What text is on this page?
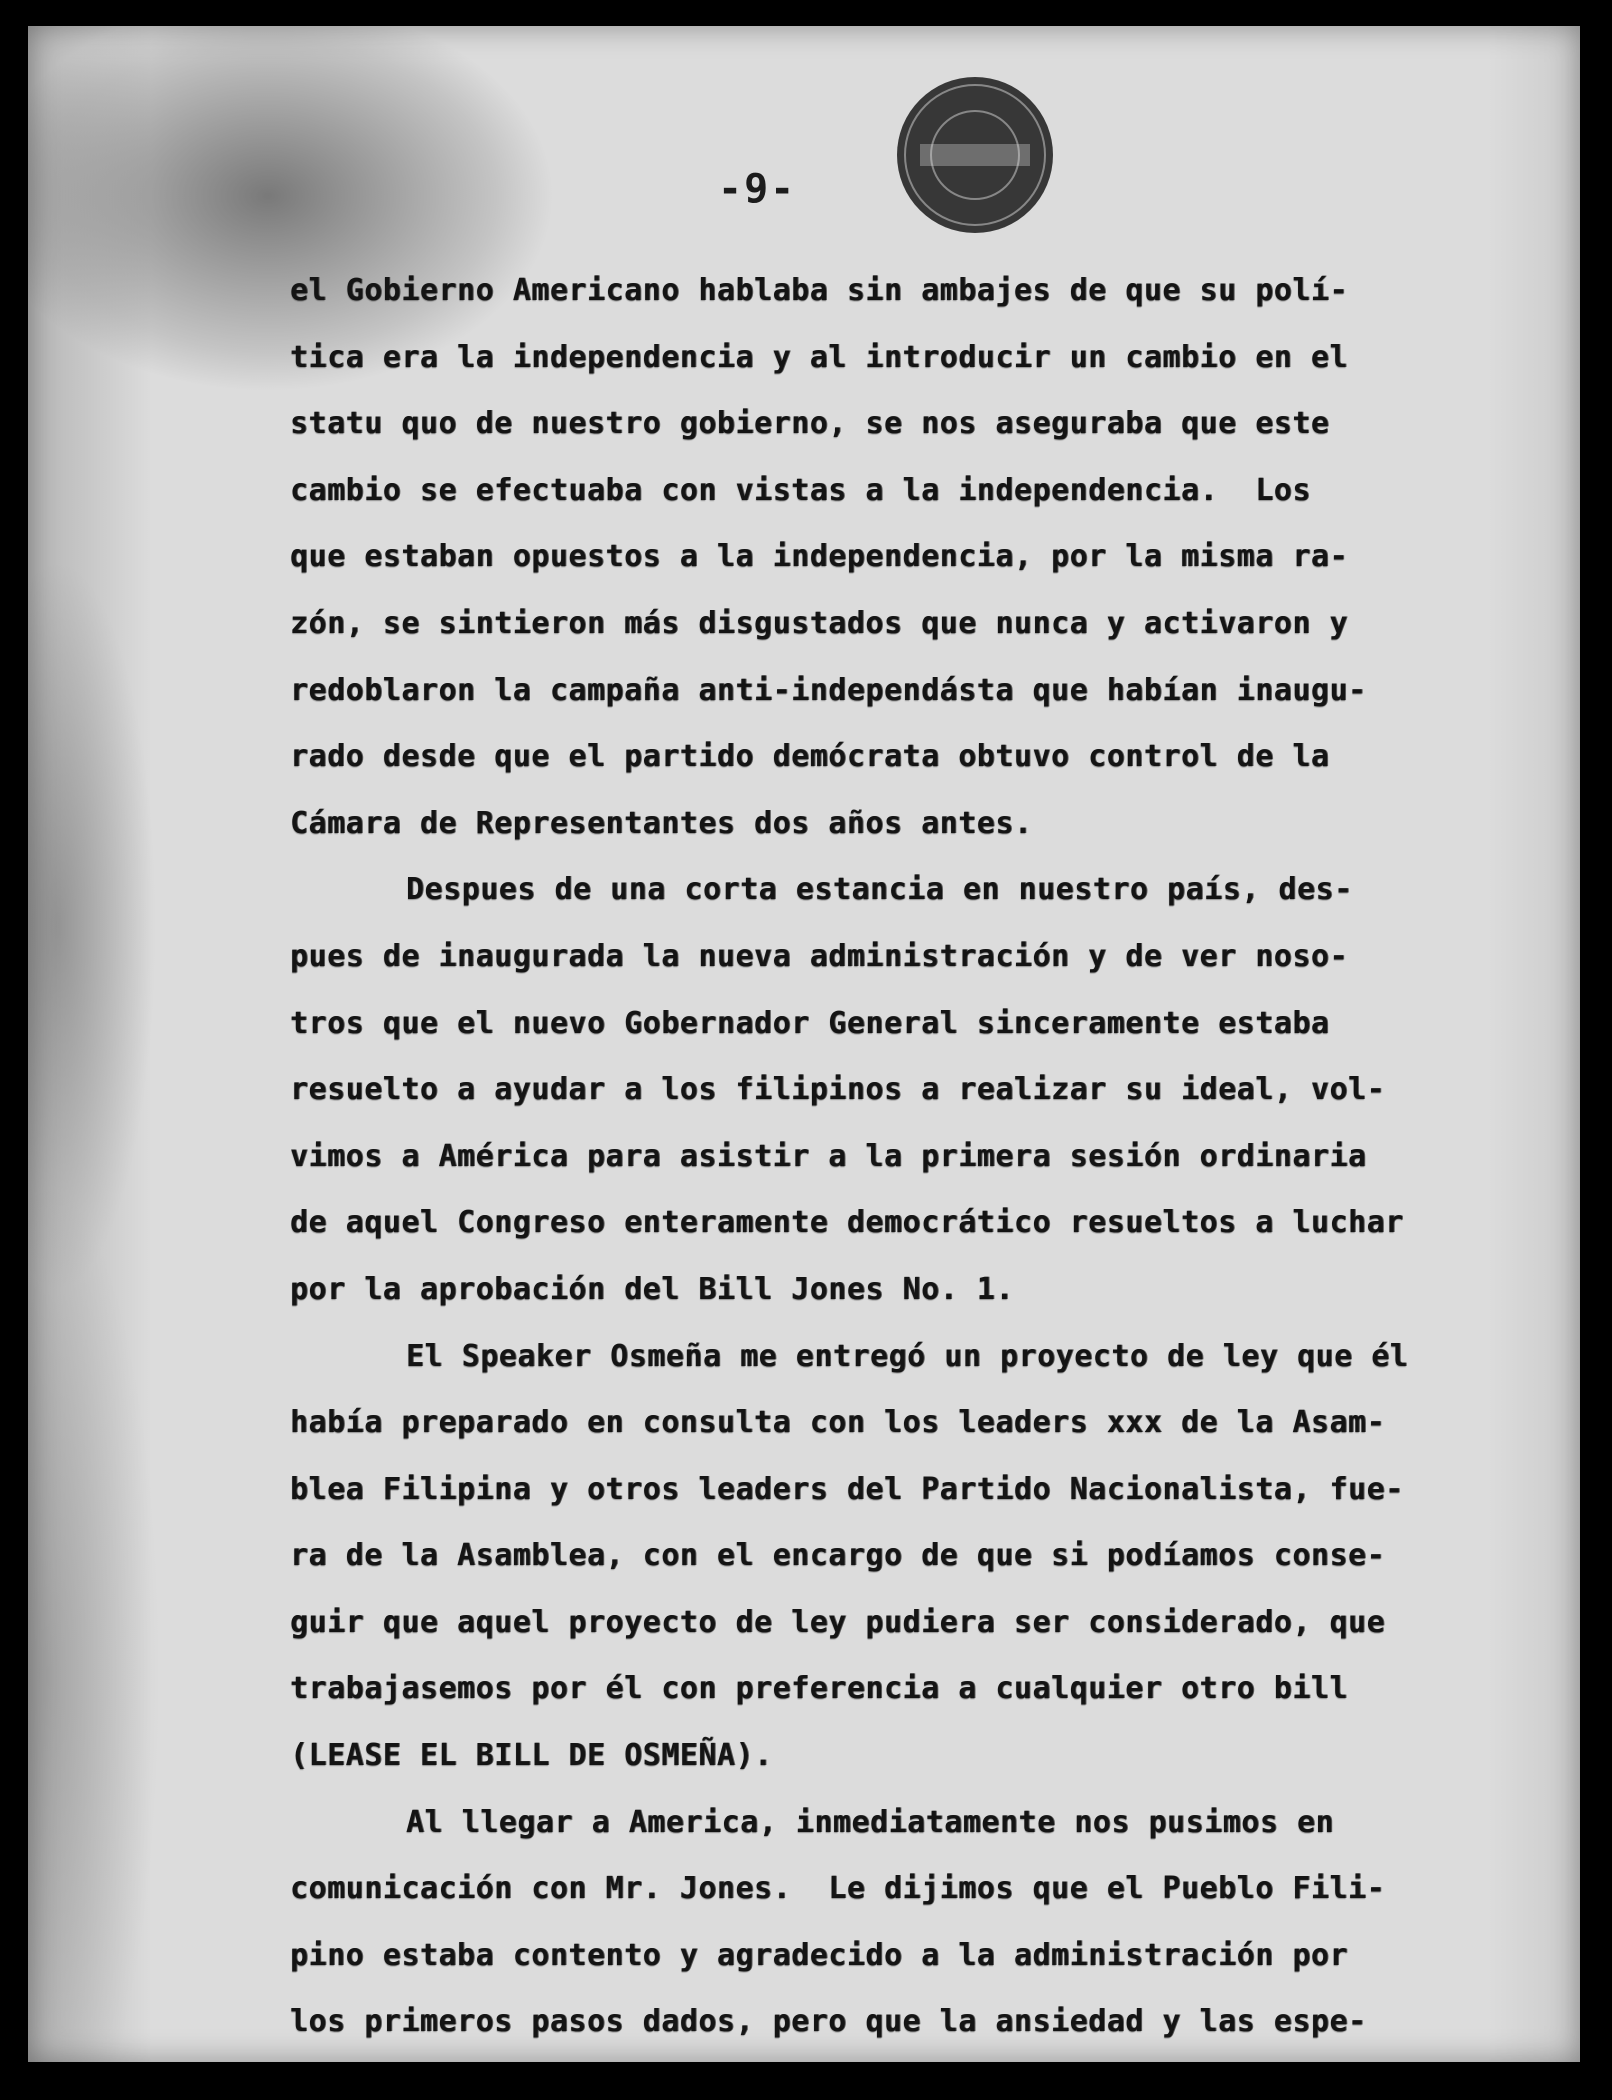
-9-
el Gobierno Americano hablaba sin ambajes de que su polí-
tica era la independencia y al introducir un cambio en el
statu quo de nuestro gobierno, se nos aseguraba que este
cambio se efectuaba con vistas a la independencia.  Los
que estaban opuestos a la independencia, por la misma ra-
zón, se sintieron más disgustados que nunca y activaron y
redoblaron la campaña anti-independásta que habían inaugu-
rado desde que el partido demócrata obtuvo control de la
Cámara de Representantes dos años antes.
Despues de una corta estancia en nuestro país, des-
pues de inaugurada la nueva administración y de ver noso-
tros que el nuevo Gobernador General sinceramente estaba
resuelto a ayudar a los filipinos a realizar su ideal, vol-
vimos a América para asistir a la primera sesión ordinaria
de aquel Congreso enteramente democrático resueltos a luchar
por la aprobación del Bill Jones No. 1.
El Speaker Osmeña me entregó un proyecto de ley que él
había preparado en consulta con los leaders xxx de la Asam-
blea Filipina y otros leaders del Partido Nacionalista, fue-
ra de la Asamblea, con el encargo de que si podíamos conse-
guir que aquel proyecto de ley pudiera ser considerado, que
trabajasemos por él con preferencia a cualquier otro bill
(LEASE EL BILL DE OSMEÑA).
Al llegar a America, inmediatamente nos pusimos en
comunicación con Mr. Jones.  Le dijimos que el Pueblo Fili-
pino estaba contento y agradecido a la administración por
los primeros pasos dados, pero que la ansiedad y las espe-
